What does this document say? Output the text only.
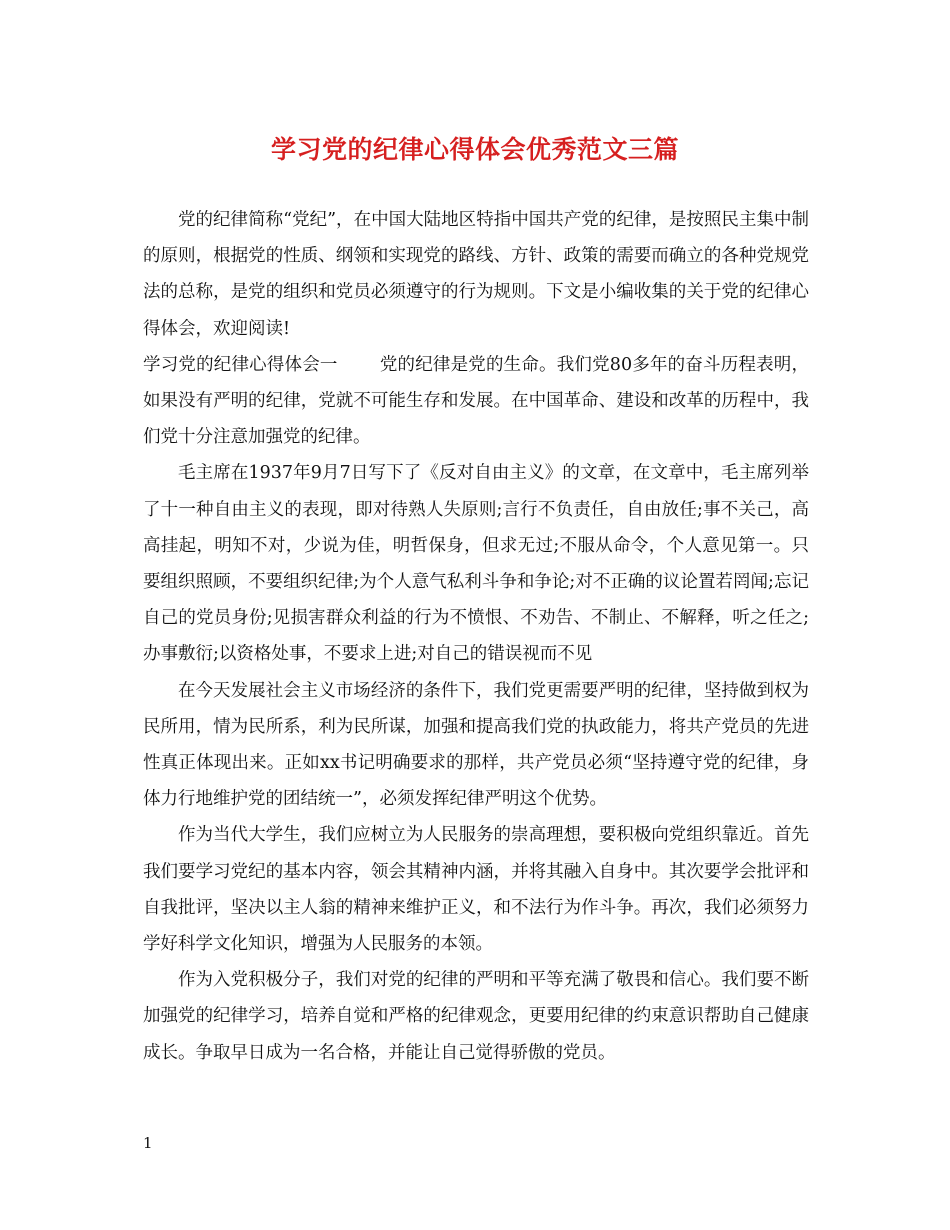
学习党的纪律心得体会优秀范文三篇

党的纪律简称“党纪”，在中国大陆地区特指中国共产党的纪律，是按照民主集中制的原则，根据党的性质、纲领和实现党的路线、方针、政策的需要而确立的各种党规党法的总称，是党的组织和党员必须遵守的行为规则。下文是小编收集的关于党的纪律心得体会，欢迎阅读!

学习党的纪律心得体会一 党的纪律是党的生命。我们党80多年的奋斗历程表明，如果没有严明的纪律，党就不可能生存和发展。在中国革命、建设和改革的历程中，我们党十分注意加强党的纪律。

毛主席在1937年9月7日写下了《反对自由主义》的文章，在文章中，毛主席列举了十一种自由主义的表现，即对待熟人失原则;言行不负责任，自由放任;事不关己，高高挂起，明知不对，少说为佳，明哲保身，但求无过;不服从命令，个人意见第一。只要组织照顾，不要组织纪律;为个人意气私利斗争和争论;对不正确的议论置若罔闻;忘记自己的党员身份;见损害群众利益的行为不愤恨、不劝告、不制止、不解释，听之任之;办事敷衍;以资格处事，不要求上进;对自己的错误视而不见

在今天发展社会主义市场经济的条件下，我们党更需要严明的纪律，坚持做到权为民所用，情为民所系，利为民所谋，加强和提高我们党的执政能力，将共产党员的先进性真正体现出来。正如xx书记明确要求的那样，共产党员必须“坚持遵守党的纪律，身体力行地维护党的团结统一”，必须发挥纪律严明这个优势。

作为当代大学生，我们应树立为人民服务的崇高理想，要积极向党组织靠近。首先我们要学习党纪的基本内容，领会其精神内涵，并将其融入自身中。其次要学会批评和自我批评，坚决以主人翁的精神来维护正义，和不法行为作斗争。再次，我们必须努力学好科学文化知识，增强为人民服务的本领。

作为入党积极分子，我们对党的纪律的严明和平等充满了敬畏和信心。我们要不断加强党的纪律学习，培养自觉和严格的纪律观念，更要用纪律的约束意识帮助自己健康成长。争取早日成为一名合格，并能让自己觉得骄傲的党员。

1
